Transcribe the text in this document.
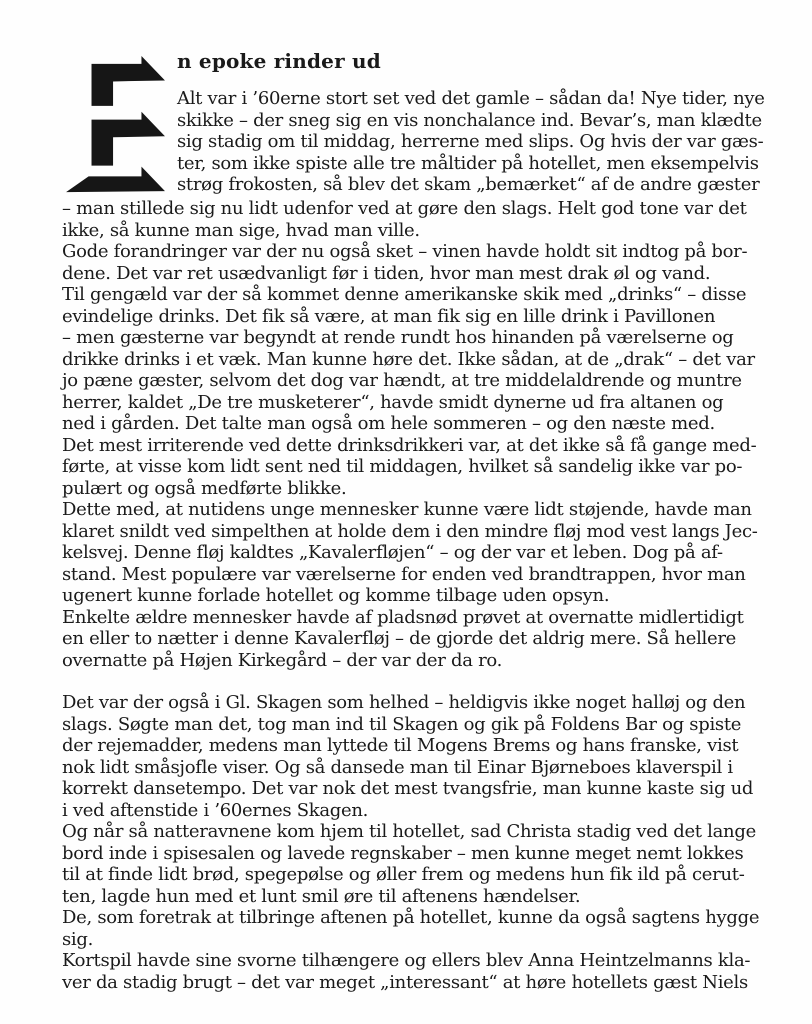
n epoke rinder ud
Alt var i ’60erne stort set ved det gamle – sådan da! Nye tider, nye
skikke – der sneg sig en vis nonchalance ind. Bevar’s, man klædte
sig stadig om til middag, herrerne med slips. Og hvis der var gæs-
ter, som ikke spiste alle tre måltider på hotellet, men eksempelvis
strøg frokosten, så blev det skam „bemærket“ af de andre gæster
– man stillede sig nu lidt udenfor ved at gøre den slags. Helt god tone var det
ikke, så kunne man sige, hvad man ville.
Gode forandringer var der nu også sket – vinen havde holdt sit indtog på bor-
dene. Det var ret usædvanligt før i tiden, hvor man mest drak øl og vand.
Til gengæld var der så kommet denne amerikanske skik med „drinks“ – disse
evindelige drinks. Det fik så være, at man fik sig en lille drink i Pavillonen
– men gæsterne var begyndt at rende rundt hos hinanden på værelserne og
drikke drinks i et væk. Man kunne høre det. Ikke sådan, at de „drak“ – det var
jo pæne gæster, selvom det dog var hændt, at tre middelaldrende og muntre
herrer, kaldet „De tre musketerer“, havde smidt dynerne ud fra altanen og
ned i gården. Det talte man også om hele sommeren – og den næste med.
Det mest irriterende ved dette drinksdrikkeri var, at det ikke så få gange med-
førte, at visse kom lidt sent ned til middagen, hvilket så sandelig ikke var po-
pulært og også medførte blikke.
Dette med, at nutidens unge mennesker kunne være lidt støjende, havde man
klaret snildt ved simpelthen at holde dem i den mindre fløj mod vest langs Jec-
kelsvej. Denne fløj kaldtes „Kavalerfløjen“ – og der var et leben. Dog på af-
stand. Mest populære var værelserne for enden ved brandtrappen, hvor man
ugenert kunne forlade hotellet og komme tilbage uden opsyn.
Enkelte ældre mennesker havde af pladsnød prøvet at overnatte midlertidigt
en eller to nætter i denne Kavalerfløj – de gjorde det aldrig mere. Så hellere
overnatte på Højen Kirkegård – der var der da ro.
Det var der også i Gl. Skagen som helhed – heldigvis ikke noget halløj og den
slags. Søgte man det, tog man ind til Skagen og gik på Foldens Bar og spiste
der rejemadder, medens man lyttede til Mogens Brems og hans franske, vist
nok lidt småsjofle viser. Og så dansede man til Einar Bjørneboes klaverspil i
korrekt dansetempo. Det var nok det mest tvangsfrie, man kunne kaste sig ud
i ved aftenstide i ’60ernes Skagen.
Og når så natteravnene kom hjem til hotellet, sad Christa stadig ved det lange
bord inde i spisesalen og lavede regnskaber – men kunne meget nemt lokkes
til at finde lidt brød, spegepølse og øller frem og medens hun fik ild på cerut-
ten, lagde hun med et lunt smil øre til aftenens hændelser.
De, som foretrak at tilbringe aftenen på hotellet, kunne da også sagtens hygge
sig.
Kortspil havde sine svorne tilhængere og ellers blev Anna Heintzelmanns kla-
ver da stadig brugt – det var meget „interessant“ at høre hotellets gæst Niels
